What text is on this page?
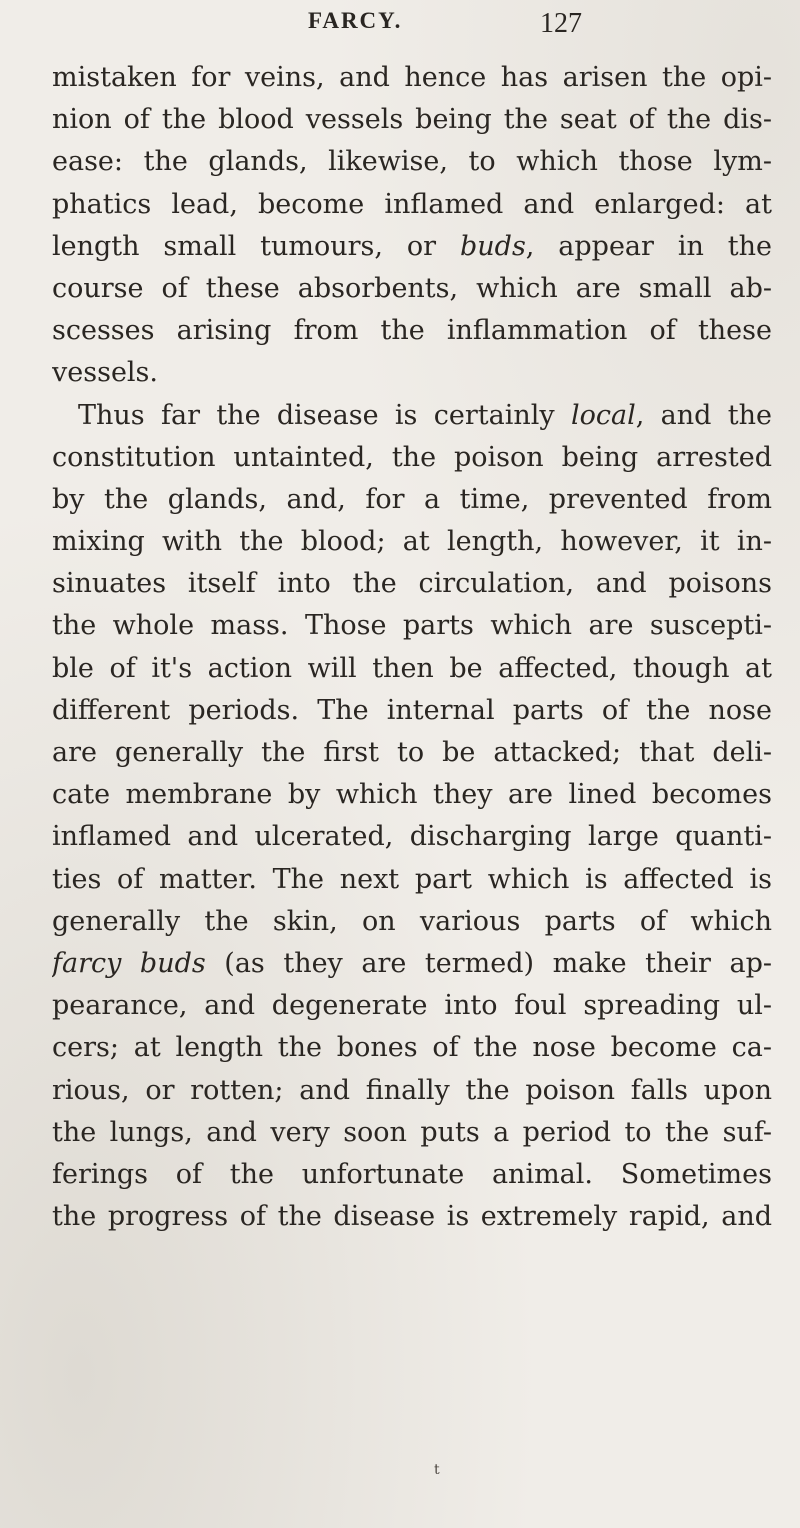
FARCY.	127
mistaken for veins, and hence has arisen the opi-
nion of the blood vessels being the seat of the dis-
ease: the glands, likewise, to which those lym-
phatics lead, become inflamed and enlarged: at
length small tumours, or buds, appear in the
course of these absorbents, which are small ab-
scesses arising from the inflammation of these
vessels.
Thus far the disease is certainly local, and the
constitution untainted, the poison being arrested
by the glands, and, for a time, prevented from
mixing with the blood; at length, however, it in-
sinuates itself into the circulation, and poisons
the whole mass. Those parts which are suscepti-
ble of it's action will then be affected, though at
different periods. The internal parts of the nose
are generally the first to be attacked; that deli-
cate membrane by which they are lined becomes
inflamed and ulcerated, discharging large quanti-
ties of matter. The next part which is affected is
generally the skin, on various parts of which
farcy buds (as they are termed) make their ap-
pearance, and degenerate into foul spreading ul-
cers; at length the bones of the nose become ca-
rious, or rotten; and finally the poison falls upon
the lungs, and very soon puts a period to the suf-
ferings of the unfortunate animal. Sometimes
the progress of the disease is extremely rapid, and
t
